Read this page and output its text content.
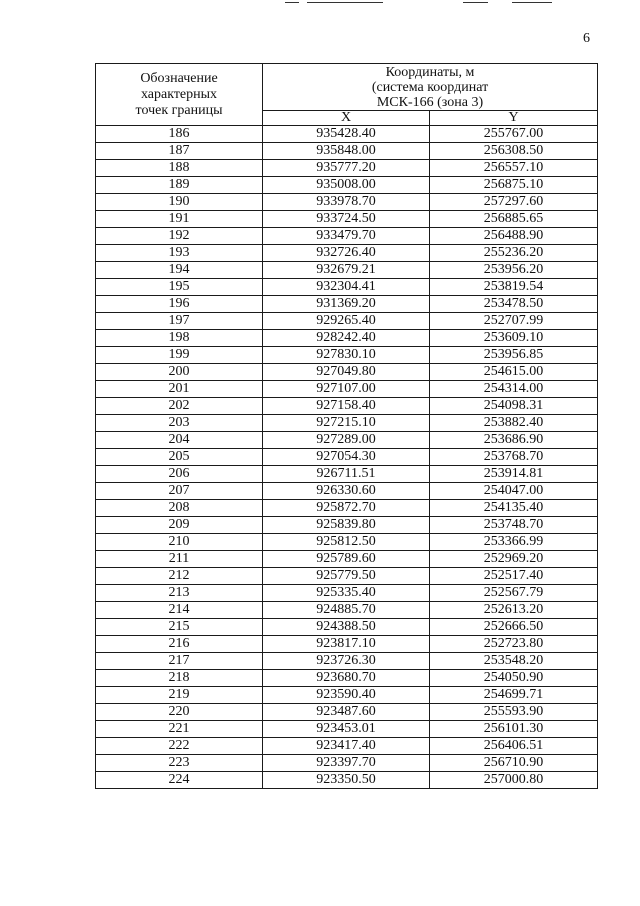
6
Обозначение
характерных
точек границы	Координаты, м
(система координат
МСК-166 (зона 3)	

	X	Y
186	935428.40	255767.00
187	935848.00	256308.50
188	935777.20	256557.10
189	935008.00	256875.10
190	933978.70	257297.60
191	933724.50	256885.65
192	933479.70	256488.90
193	932726.40	255236.20
194	932679.21	253956.20
195	932304.41	253819.54
196	931369.20	253478.50
197	929265.40	252707.99
198	928242.40	253609.10
199	927830.10	253956.85
200	927049.80	254615.00
201	927107.00	254314.00
202	927158.40	254098.31
203	927215.10	253882.40
204	927289.00	253686.90
205	927054.30	253768.70
206	926711.51	253914.81
207	926330.60	254047.00
208	925872.70	254135.40
209	925839.80	253748.70
210	925812.50	253366.99
211	925789.60	252969.20
212	925779.50	252517.40
213	925335.40	252567.79
214	924885.70	252613.20
215	924388.50	252666.50
216	923817.10	252723.80
217	923726.30	253548.20
218	923680.70	254050.90
219	923590.40	254699.71
220	923487.60	255593.90
221	923453.01	256101.30
222	923417.40	256406.51
223	923397.70	256710.90
224	923350.50	257000.80
